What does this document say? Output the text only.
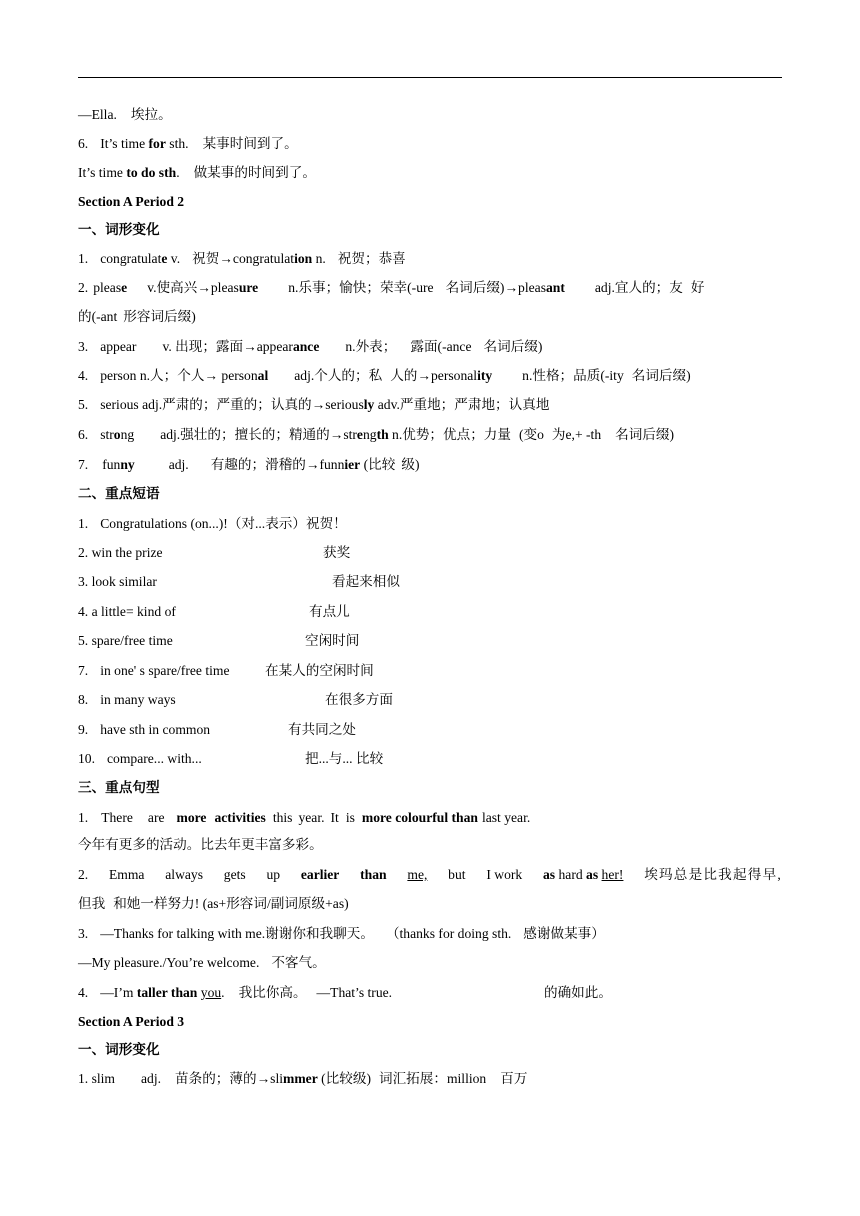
—Ella. 埃拉。
6. It’s time for sth. 某事时间到了。
It’s time to do sth. 做某事的时间到了。
Section A Period 2
一、词形变化
1. congratulate v. 祝贺→congratulation n. 祝贺；恭喜
2. please v.使高兴→pleasure n.乐事；愉快；荣幸(-ure 名词后缀)→pleasant adj.宜人的；友 好
的(-ant 形容词后缀)
3. appear v. 出现；露面→appearance n.外表； 露面(-ance 名词后缀)
4. person n.人；个人→ personal adj.个人的；私 人的→personality n.性格；品质(-ity 名词后缀)
5. serious adj.严肃的；严重的；认真的→seriously adv.严重地；严肃地；认真地
6. strong adj.强壮的；擅长的；精通的→strength n.优势；优点；力量 (变o 为e,+ -th 名词后缀)
7. funny	adj. 有趣的；滑稽的→funnier (比较 级)
二、重点短语
1. Congratulations (on...)!（对...表示）祝贺！
2. win the prize	获奖
3. look similar	看起来相似
4. a little= kind of	有点儿
5. spare/free time	空闲时间
7. in one' s spare/free time	在某人的空闲时间
8. in many ways	在很多方面
9. have sth in common	有共同之处
10. compare... with...	把...与... 比较
三、重点句型
1. There are more activities this year. It is more colourful than last year.
今年有更多的活动。比去年更丰富多彩。
2. Emma always gets up earlier than me, but I work as hard as her! 埃玛总是比我起得早,
但我 和她一样努力! (as+形容词/副词原级+as)
3. —Thanks for talking with me.谢谢你和我聊天。 （thanks for doing sth. 感谢做某事）
—My pleasure./You’re welcome. 不客气。
4. —I’m taller than you. 我比你高。 —That’s true.	的确如此。
Section A Period 3
一、词形变化
1. slim adj. 苗条的；薄的→slimmer (比较级) 词汇拓展：million 百万
